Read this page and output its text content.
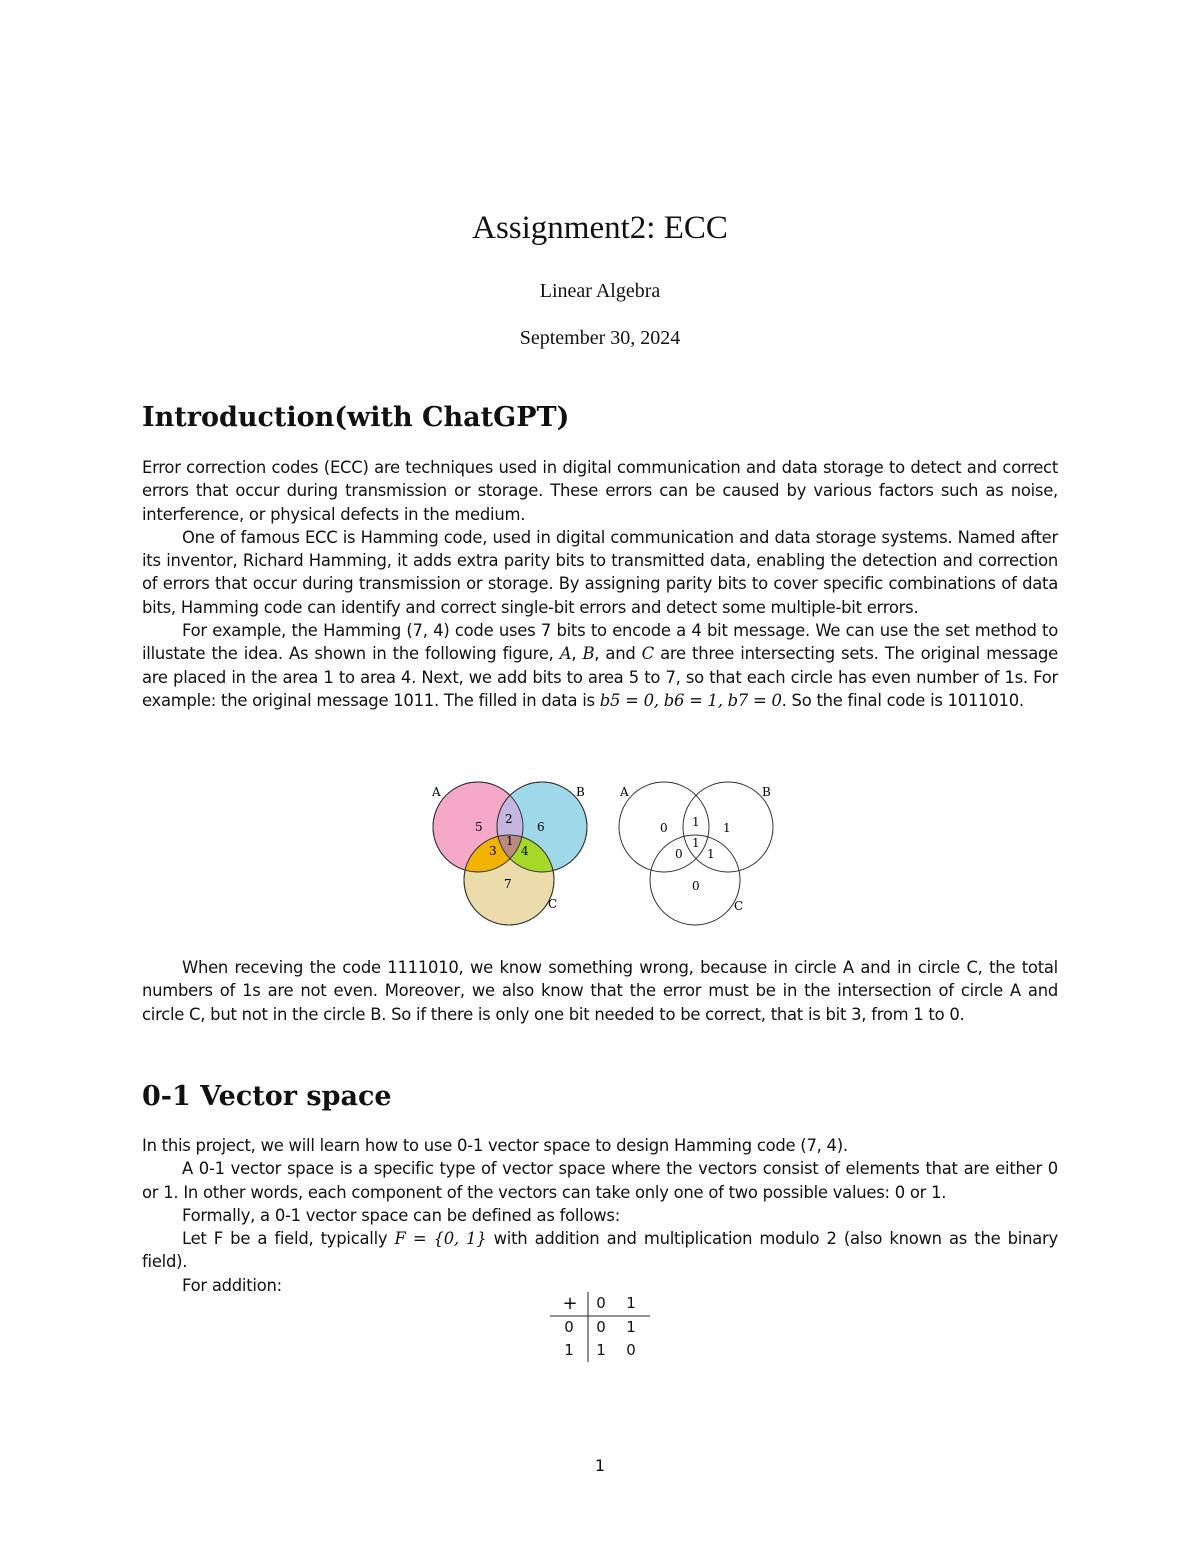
Assignment2: ECC
Linear Algebra
September 30, 2024
Introduction(with ChatGPT)

Error correction codes (ECC) are techniques used in digital communication and data storage to detect and correct errors that occur during transmission or storage. These errors can be caused by various factors such as noise, interference, or physical defects in the medium.

One of famous ECC is Hamming code, used in digital communication and data storage systems. Named after its inventor, Richard Hamming, it adds extra parity bits to transmitted data, enabling the detection and correction of errors that occur during transmission or storage. By assigning parity bits to cover specific combinations of data bits, Hamming code can identify and correct single-bit errors and detect some multiple-bit errors.

For example, the Hamming (7, 4) code uses 7 bits to encode a 4 bit message. We can use the set method to illustate the idea. As shown in the following figure, A, B, and C are three intersecting sets. The original message are placed in the area 1 to area 4. Next, we add bits to area 5 to 7, so that each circle has even number of 1s. For example: the original message 1011. The filled in data is b5 = 0, b6 = 1, b7 = 0. So the final code is 1011010.

A	B
C
5
2
6
1
3 4
7
A	B
C
0 1 1
1
0 1
0

When receving the code 1111010, we know something wrong, because in circle A and in circle C, the total numbers of 1s are not even. Moreover, we also know that the error must be in the intersection of circle A and circle C, but not in the circle B. So if there is only one bit needed to be correct, that is bit 3, from 1 to 0.

0-1 Vector space

In this project, we will learn how to use 0-1 vector space to design Hamming code (7, 4).

A 0-1 vector space is a specific type of vector space where the vectors consist of elements that are either 0 or 1. In other words, each component of the vectors can take only one of two possible values: 0 or 1.

Formally, a 0-1 vector space can be defined as follows:

Let F be a field, typically F = {0, 1} with addition and multiplication modulo 2 (also known as the binary field).

For addition:

+	0	1
0	0	1
1	1	0
1
